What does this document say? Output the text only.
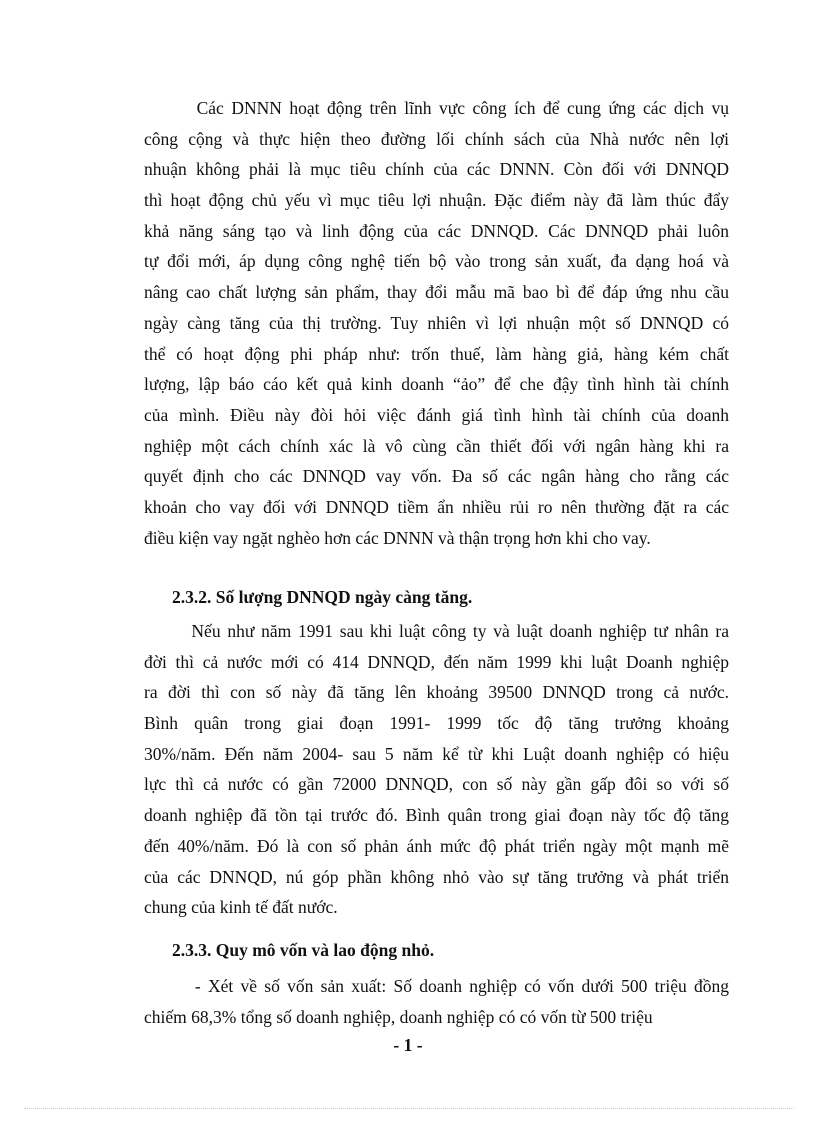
Các DNNN hoạt động trên lĩnh vực công ích để cung ứng các dịch vụ
công cộng và thực hiện theo đường lối chính sách của Nhà nước nên lợi
nhuận không phải là mục tiêu chính của các DNNN. Còn đối với DNNQD
thì hoạt động chủ yếu vì mục tiêu lợi nhuận. Đặc điểm này đã làm thúc đẩy
khả năng sáng tạo và linh động của các DNNQD. Các DNNQD phải luôn
tự đổi mới, áp dụng công nghệ tiến bộ vào trong sản xuất, đa dạng hoá và
nâng cao chất lượng sản phẩm, thay đổi mẫu mã bao bì để đáp ứng nhu cầu
ngày càng tăng của thị trường. Tuy nhiên vì lợi nhuận một số DNNQD có
thể có hoạt động phi pháp như: trốn thuế, làm hàng giả, hàng kém chất
lượng, lập báo cáo kết quả kinh doanh “ảo” để che đậy tình hình tài chính
của mình. Điều này đòi hỏi việc đánh giá tình hình tài chính của doanh
nghiệp một cách chính xác là vô cùng cần thiết đối với ngân hàng khi ra
quyết định cho các DNNQD vay vốn. Đa số các ngân hàng cho rằng các
khoản cho vay đối với DNNQD tiềm ẩn nhiều rủi ro nên thường đặt ra các
điều kiện vay ngặt nghèo hơn các DNNN và thận trọng hơn khi cho vay.
2.3.2. Số lượng DNNQD ngày càng tăng.
Nếu như năm 1991 sau khi luật công ty và luật doanh nghiệp tư nhân ra
đời thì cả nước mới có 414 DNNQD, đến năm 1999 khi luật Doanh nghiệp
ra đời thì con số này đã tăng lên khoảng 39500 DNNQD trong cả nước.
Bình quân trong giai đoạn 1991- 1999 tốc độ tăng trưởng khoảng
30%/năm. Đến năm 2004- sau 5 năm kể từ khi Luật doanh nghiệp có hiệu
lực thì cả nước có gần 72000 DNNQD, con số này gần gấp đôi so với số
doanh nghiệp đã tồn tại trước đó. Bình quân trong giai đoạn này tốc độ tăng
đến 40%/năm. Đó là con số phản ánh mức độ phát triển ngày một mạnh mẽ
của các DNNQD, nú góp phần không nhỏ vào sự tăng trưởng và phát triển
chung của kinh tế đất nước.
2.3.3. Quy mô vốn và lao động nhỏ.
- Xét về số vốn sản xuất: Số doanh nghiệp có vốn dưới 500 triệu đồng
chiếm 68,3% tổng số doanh nghiệp, doanh nghiệp có có vốn từ 500 triệu
- 1 -
